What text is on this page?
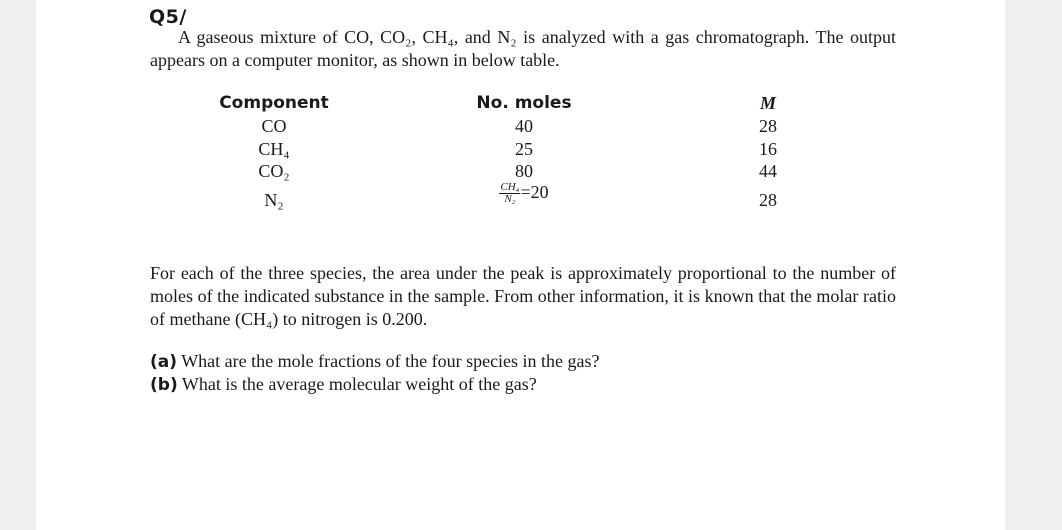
Q5/
A gaseous mixture of CO, CO₂, CH₄, and N₂ is analyzed with a gas chromatograph. The output appears on a computer monitor, as shown in below table.
Component	No. moles	M
CO	40	28
CH₄	25	16
CO₂	80	44
N₂	$\frac{\text{CH₄}}{\text{N₂}} =20$	28
For each of the three species, the area under the peak is approximately proportional to the number of moles of the indicated substance in the sample. From other information, it is known that the molar ratio of methane (CH₄) to nitrogen is 0.200.
(a) What are the mole fractions of the four species in the gas?
(b) What is the average molecular weight of the gas?
